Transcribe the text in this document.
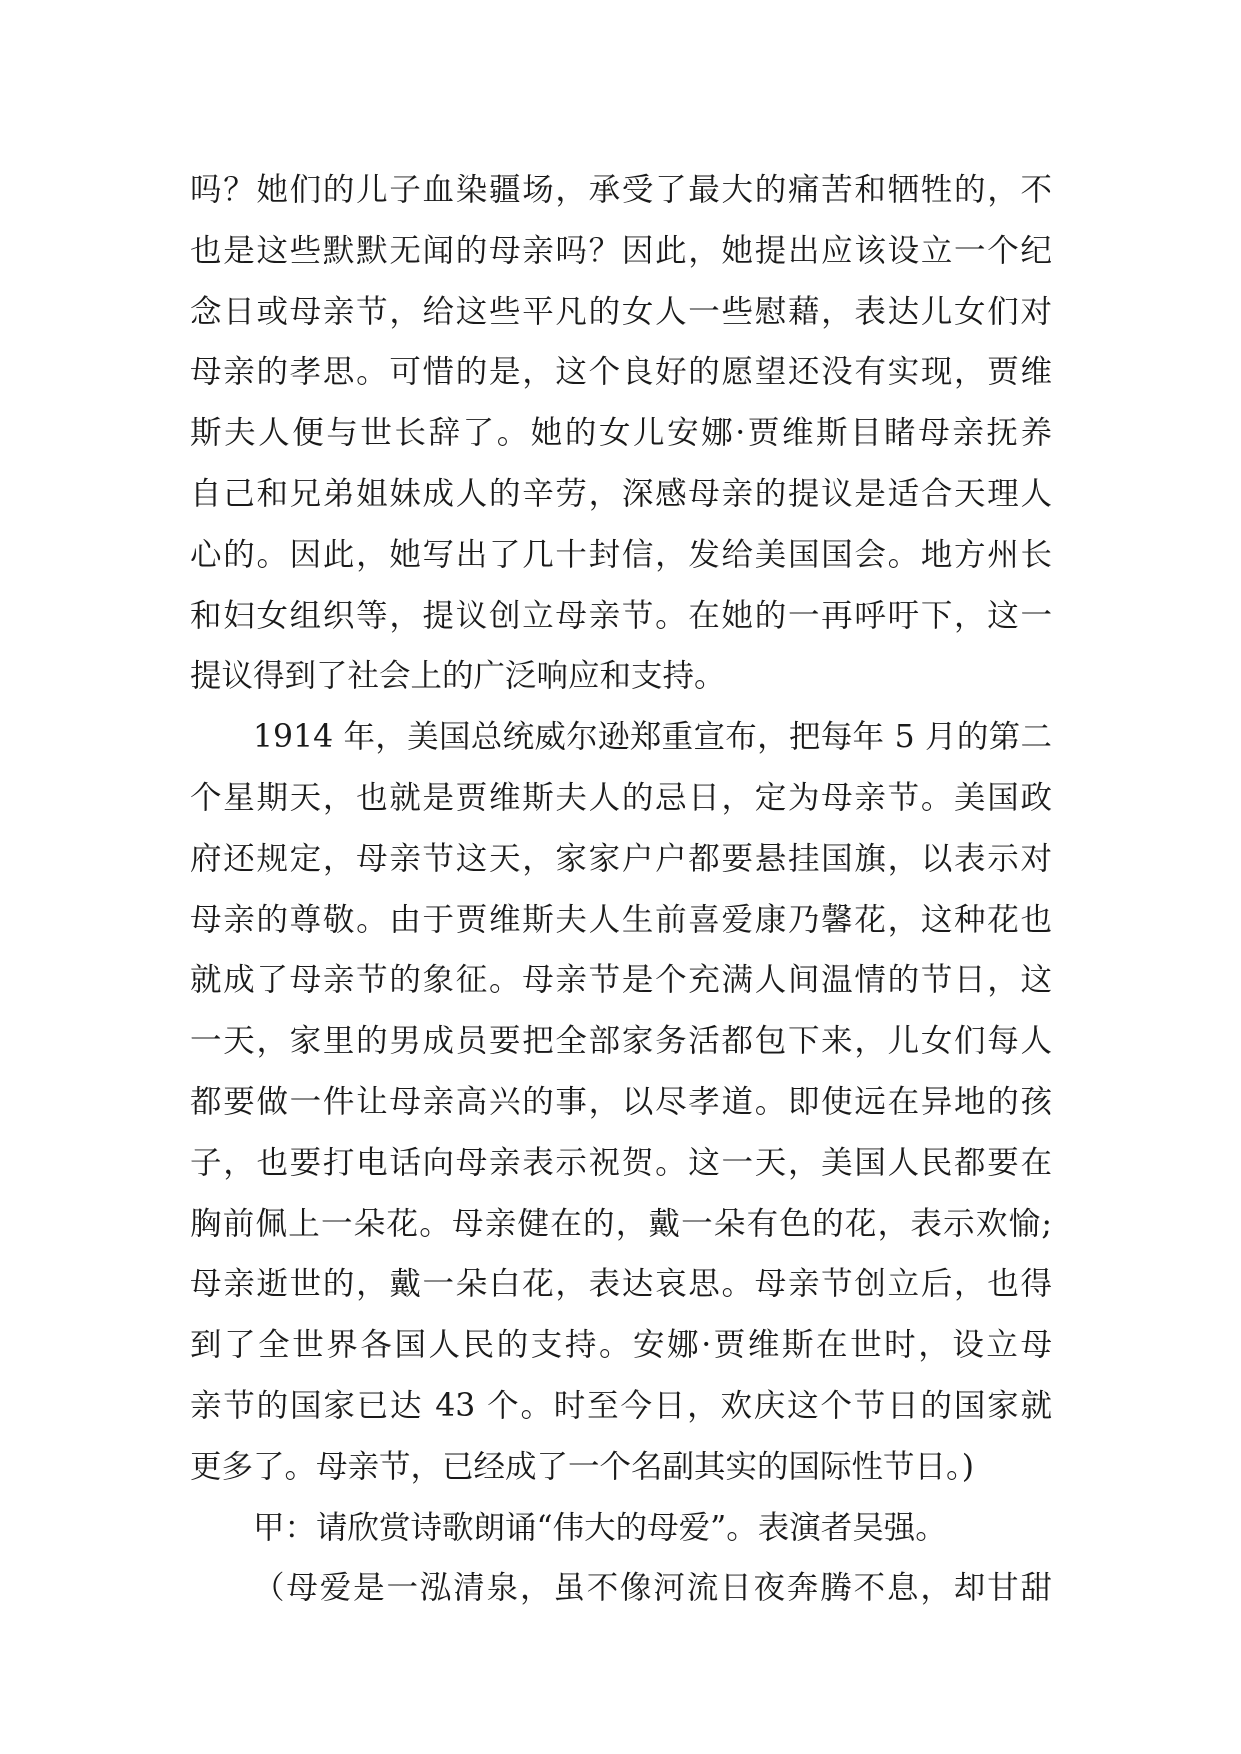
吗？她们的儿子血染疆场，承受了最大的痛苦和牺牲的，不
也是这些默默无闻的母亲吗？因此，她提出应该设立一个纪
念日或母亲节，给这些平凡的女人一些慰藉，表达儿女们对
母亲的孝思。可惜的是，这个良好的愿望还没有实现，贾维
斯夫人便与世长辞了。她的女儿安娜·贾维斯目睹母亲抚养
自己和兄弟姐妹成人的辛劳，深感母亲的提议是适合天理人
心的。因此，她写出了几十封信，发给美国国会。地方州长
和妇女组织等，提议创立母亲节。在她的一再呼吁下，这一
提议得到了社会上的广泛响应和支持。
1914 年，美国总统威尔逊郑重宣布，把每年 5 月的第二
个星期天，也就是贾维斯夫人的忌日，定为母亲节。美国政
府还规定，母亲节这天，家家户户都要悬挂国旗，以表示对
母亲的尊敬。由于贾维斯夫人生前喜爱康乃馨花，这种花也
就成了母亲节的象征。母亲节是个充满人间温情的节日，这
一天，家里的男成员要把全部家务活都包下来，儿女们每人
都要做一件让母亲高兴的事，以尽孝道。即使远在异地的孩
子，也要打电话向母亲表示祝贺。这一天，美国人民都要在
胸前佩上一朵花。母亲健在的，戴一朵有色的花，表示欢愉;
母亲逝世的，戴一朵白花，表达哀思。母亲节创立后，也得
到了全世界各国人民的支持。安娜·贾维斯在世时，设立母
亲节的国家已达 43 个。时至今日，欢庆这个节日的国家就
更多了。母亲节，已经成了一个名副其实的国际性节日。)
甲：请欣赏诗歌朗诵“伟大的母爱”。表演者吴强。
（母爱是一泓清泉，虽不像河流日夜奔腾不息，却甘甜
